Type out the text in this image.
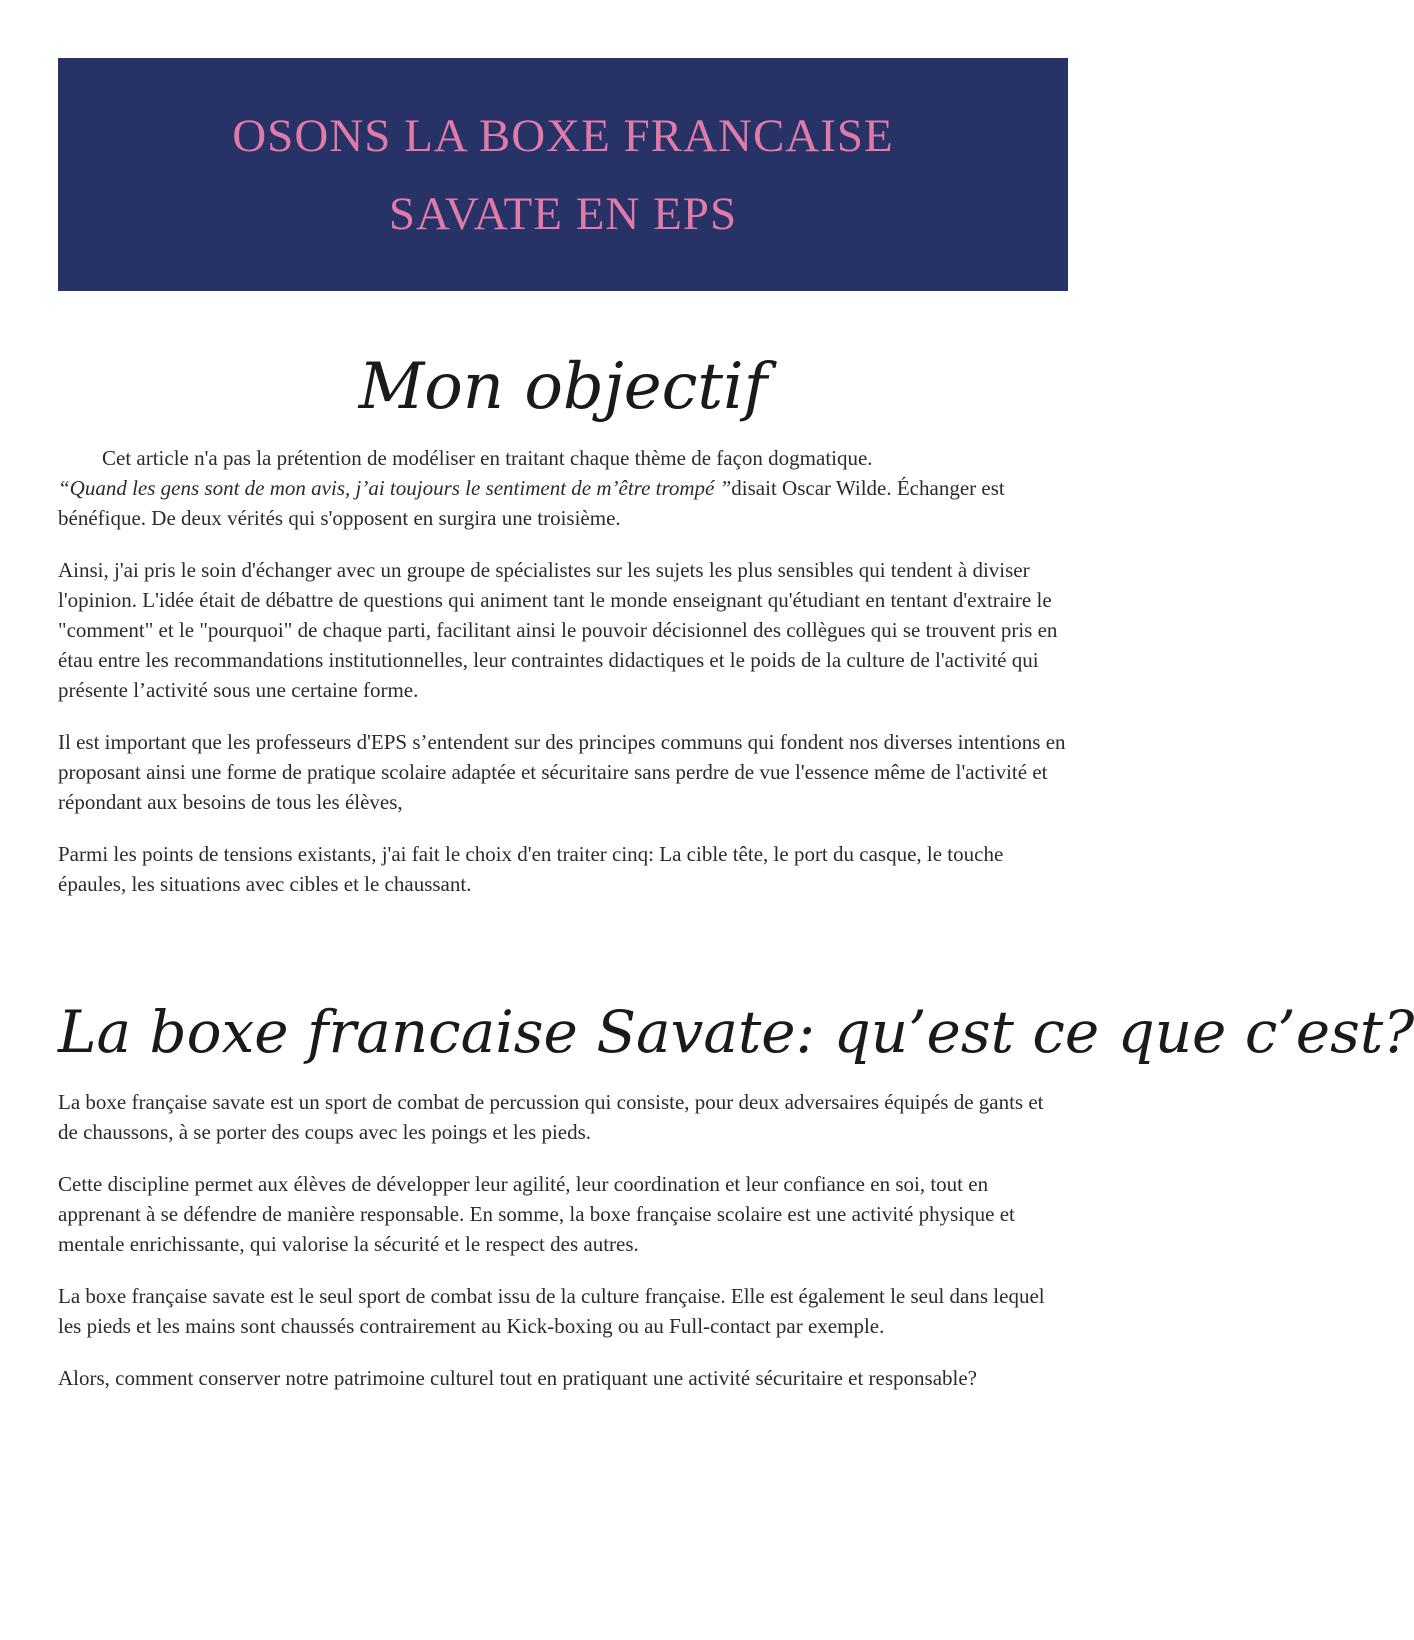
OSONS LA BOXE FRANCAISE
SAVATE EN EPS
Mon objectif

Cet article n'a pas la prétention de modéliser en traitant chaque thème de façon dogmatique.
“Quand les gens sont de mon avis, j’ai toujours le sentiment de m’être trompé ”disait Oscar Wilde. Échanger est bénéfique. De deux vérités qui s'opposent en surgira une troisième.

Ainsi, j'ai pris le soin d'échanger avec un groupe de spécialistes sur les sujets les plus sensibles qui tendent à diviser l'opinion. L'idée était de débattre de questions qui animent tant le monde enseignant qu'étudiant en tentant d'extraire le "comment" et le "pourquoi" de chaque parti, facilitant ainsi le pouvoir décisionnel des collègues qui se trouvent pris en étau entre les recommandations institutionnelles, leur contraintes didactiques et le poids de la culture de l'activité qui présente l’activité sous une certaine forme.

Il est important que les professeurs d'EPS s’entendent sur des principes communs qui fondent nos diverses intentions en proposant ainsi une forme de pratique scolaire adaptée et sécuritaire sans perdre de vue l'essence même de l'activité et répondant aux besoins de tous les élèves,

Parmi les points de tensions existants, j'ai fait le choix d'en traiter cinq: La cible tête, le port du casque, le touche épaules, les situations avec cibles et le chaussant.

La boxe francaise Savate: qu’est ce que c’est?

La boxe française savate est un sport de combat de percussion qui consiste, pour deux adversaires équipés de gants et de chaussons, à se porter des coups avec les poings et les pieds.

Cette discipline permet aux élèves de développer leur agilité, leur coordination et leur confiance en soi, tout en apprenant à se défendre de manière responsable. En somme, la boxe française scolaire est une activité physique et mentale enrichissante, qui valorise la sécurité et le respect des autres.

La boxe française savate est le seul sport de combat issu de la culture française. Elle est également le seul dans lequel les pieds et les mains sont chaussés contrairement au Kick-boxing ou au Full-contact par exemple.

Alors, comment conserver notre patrimoine culturel tout en pratiquant une activité sécuritaire et responsable?
